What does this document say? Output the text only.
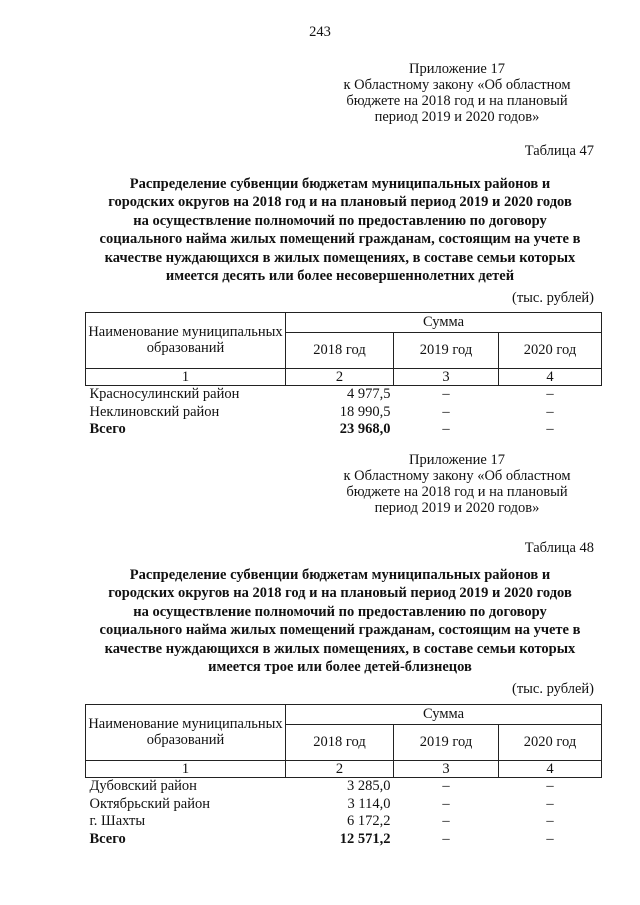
243
Приложение 17
к Областному закону «Об областном
бюджете на 2018 год и на плановый
период 2019 и 2020 годов»
Таблица 47
Распределение субвенции бюджетам муниципальных районов и
городских округов на 2018 год и на плановый период 2019 и 2020 годов
на осуществление полномочий по предоставлению по договору
социального найма жилых помещений гражданам, состоящим на учете в
качестве нуждающихся в жилых помещениях, в составе семьи которых
имеется десять или более несовершеннолетних детей
(тыс. рублей)
Наименование муниципальных образований	Сумма		
	2018 год	2019 год	2020 год
1	2	3	4
Красносулинский район	4 977,5	–	–
Неклиновский район	18 990,5	–	–
Всего	23 968,0	–	–
Приложение 17
к Областному закону «Об областном
бюджете на 2018 год и на плановый
период 2019 и 2020 годов»
Таблица 48
Распределение субвенции бюджетам муниципальных районов и
городских округов на 2018 год и на плановый период 2019 и 2020 годов
на осуществление полномочий по предоставлению по договору
социального найма жилых помещений гражданам, состоящим на учете в
качестве нуждающихся в жилых помещениях, в составе семьи которых
имеется трое или более детей-близнецов
(тыс. рублей)
Наименование муниципальных образований	Сумма		
	2018 год	2019 год	2020 год
1	2	3	4
Дубовский район	3 285,0	–	–
Октябрьский район	3 114,0	–	–
г. Шахты	6 172,2	–	–
Всего	12 571,2	–	–
